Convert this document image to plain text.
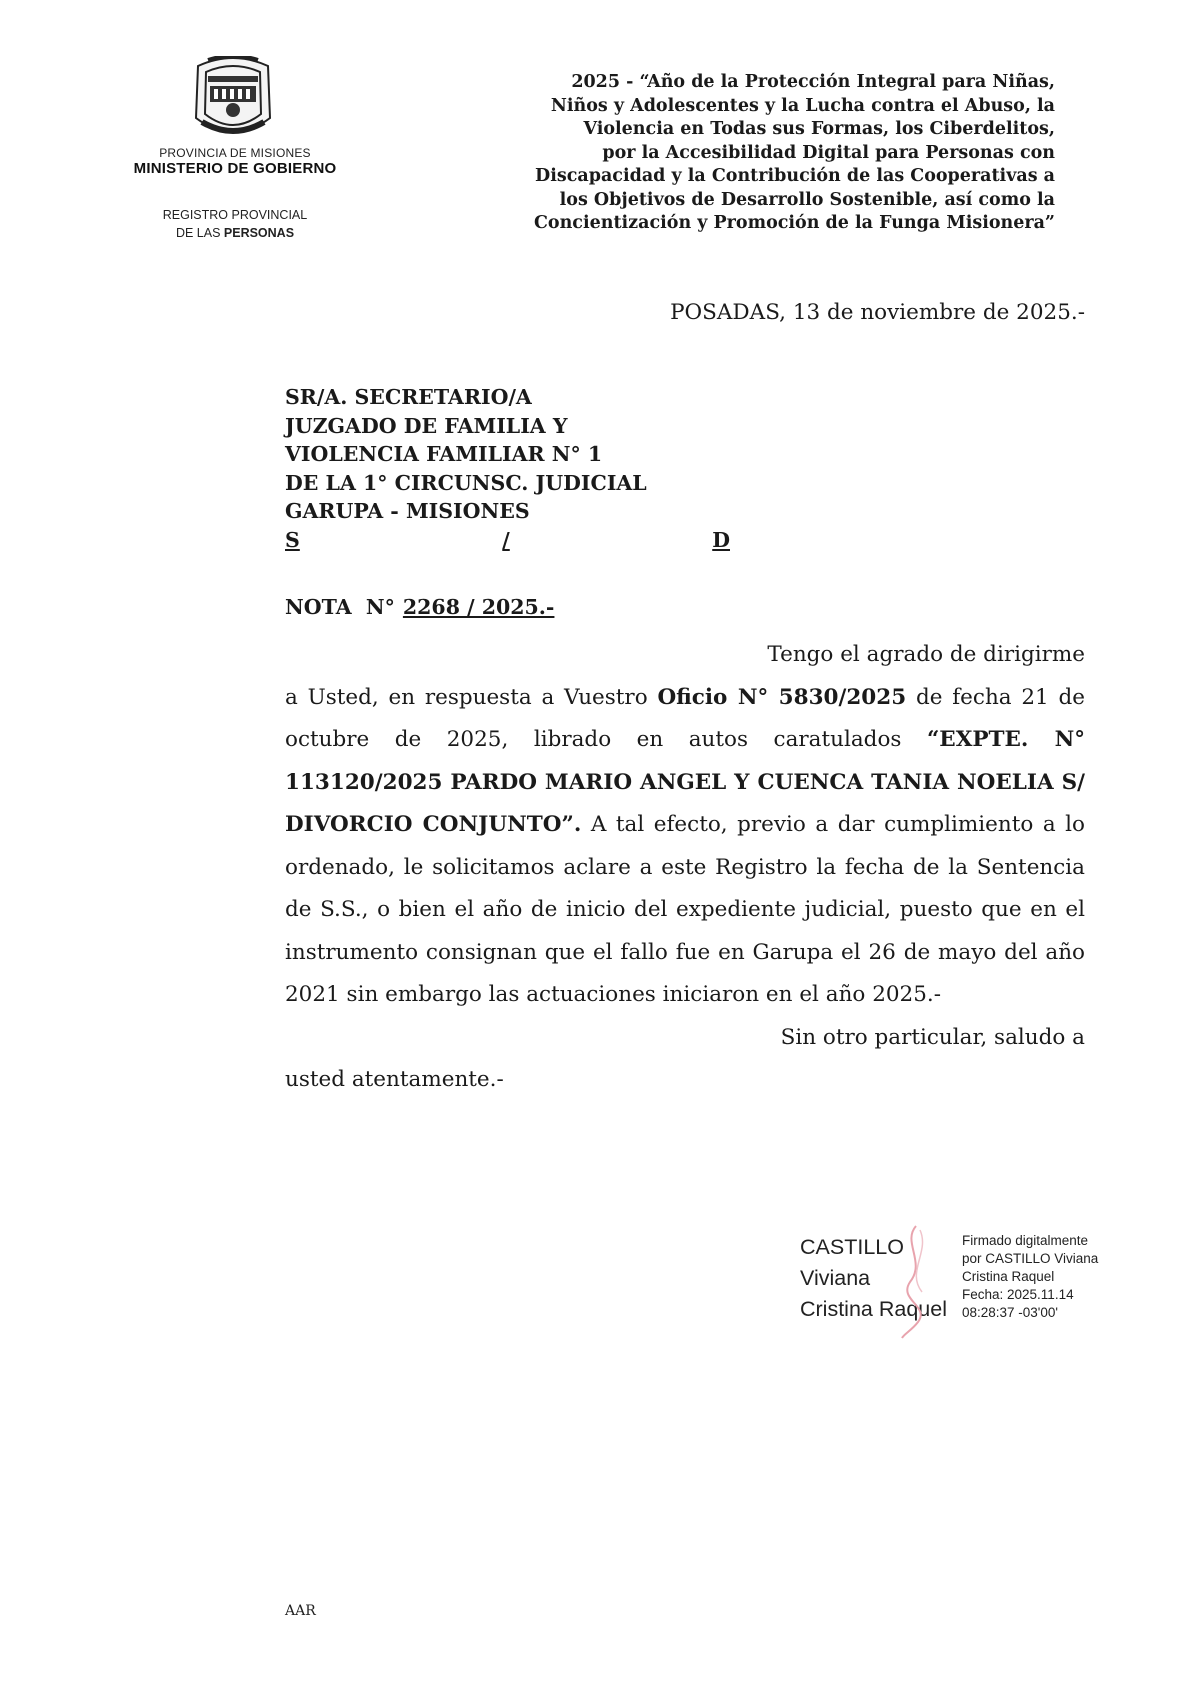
PROVINCIA DE MISIONES
MINISTERIO DE GOBIERNO
REGISTRO PROVINCIAL
DE LAS PERSONAS
2025 - “Año de la Protección Integral para Niñas,
Niños y Adolescentes y la Lucha contra el Abuso, la
Violencia en Todas sus Formas, los Ciberdelitos,
por la Accesibilidad Digital para Personas con
Discapacidad y la Contribución de las Cooperativas a
los Objetivos de Desarrollo Sostenible, así como la
Concientización y Promoción de la Funga Misionera”
POSADAS, 13 de noviembre de 2025.-
SR/A. SECRETARIO/A
JUZGADO DE FAMILIA Y
VIOLENCIA FAMILIAR N° 1
DE LA 1° CIRCUNSC. JUDICIAL
GARUPA - MISIONES
S	/	D
NOTA  N° 2268 / 2025.-

Tengo el agrado de dirigirme

a Usted, en respuesta a Vuestro Oficio N° 5830/2025 de fecha 21 de octubre de 2025, librado en autos caratulados “EXPTE. N° 113120/2025 PARDO MARIO ANGEL Y CUENCA TANIA NOELIA S/ DIVORCIO CONJUNTO”. A tal efecto, previo a dar cumplimiento a lo ordenado, le solicitamos aclare a este Registro la fecha de la Sentencia de S.S., o bien el año de inicio del expediente judicial, puesto que en el instrumento consignan que el fallo fue en Garupa el 26 de mayo del año 2021 sin embargo las actuaciones iniciaron en el año 2025.-

Sin otro particular, saludo a

usted atentamente.-

CASTILLO
Viviana
Cristina Raquel
Firmado digitalmente
por CASTILLO Viviana
Cristina Raquel
Fecha: 2025.11.14
08:28:37 -03'00'
AAR
